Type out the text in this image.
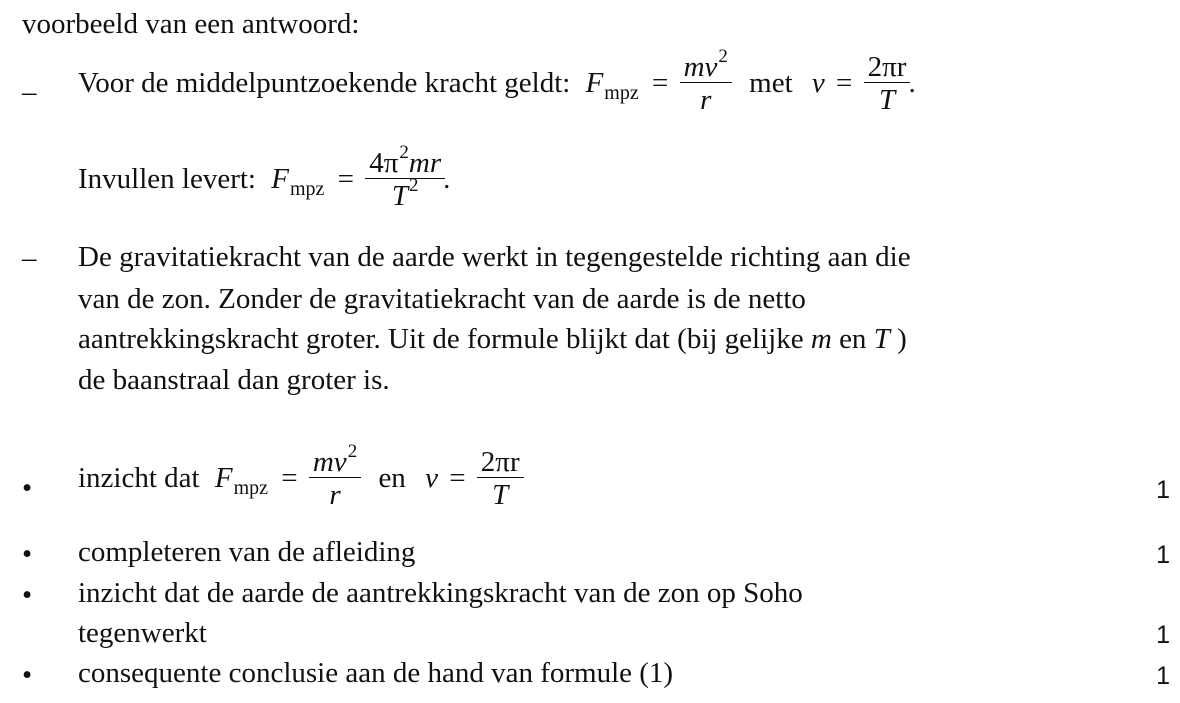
voorbeeld van een antwoord:
– Voor de middelpuntzoekende kracht geldt: $F_{mpz} = \frac{mv^2}{r}$ met $v = \frac{2\pi r}{T}$
.
Invullen levert: $F_{mpz} = \frac{4\pi^2mr}{T^2}$
.
– De gravitatiekracht van de aarde werkt in tegengestelde richting aan die
van de zon. Zonder de gravitatiekracht van de aarde is de netto
aantrekkingskracht groter. Uit de formule blijkt dat (bij gelijke m en T )
de baanstraal dan groter is.
• inzicht dat $F_{mpz} = \frac{mv^2}{r}$ en $v = \frac{2\pi r}{T}$	1
• completeren van de afleiding	1
• inzicht dat de aarde de aantrekkingskracht van de zon op Soho
tegenwerkt	1
• consequente conclusie aan de hand van formule (1)	1
